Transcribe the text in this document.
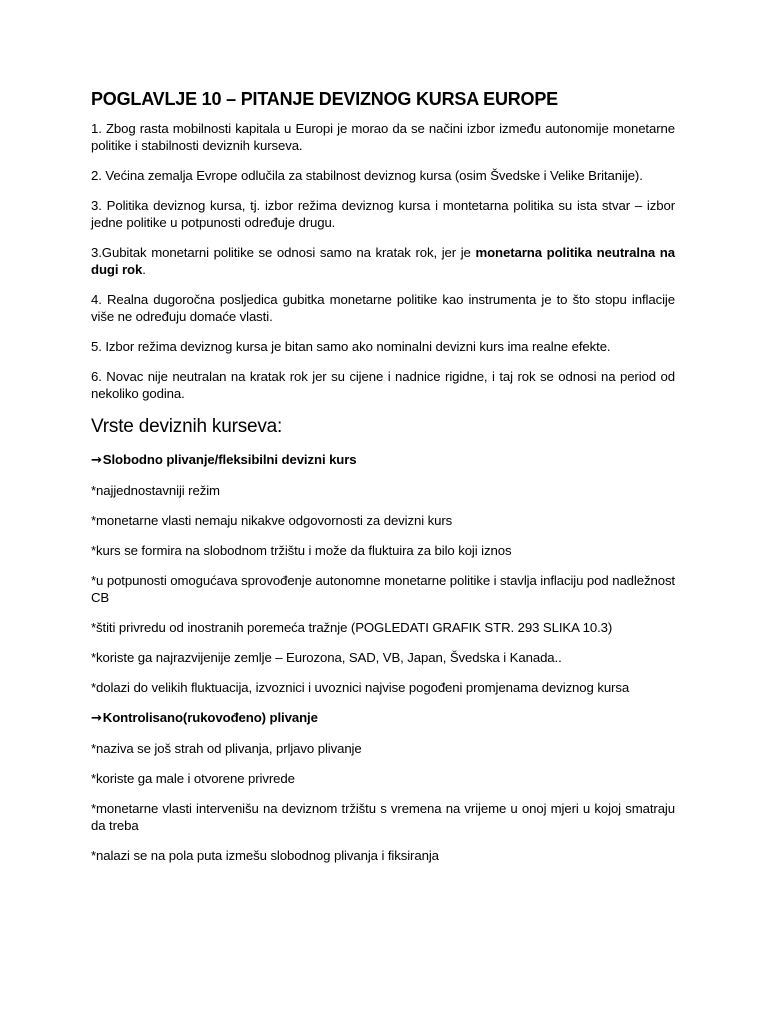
POGLAVLJE 10 – PITANJE DEVIZNOG KURSA EUROPE

1. Zbog rasta mobilnosti kapitala u Europi je morao da se načini izbor između autonomije monetarne politike i stabilnosti deviznih kurseva.

2. Većina zemalja Evrope odlučila za stabilnost deviznog kursa (osim Švedske i Velike Britanije).

3. Politika deviznog kursa, tj. izbor režima deviznog kursa i montetarna politika su ista stvar – izbor jedne politike u potpunosti određuje drugu.

3.Gubitak monetarni politike se odnosi samo na kratak rok, jer je monetarna politika neutralna na dugi rok.

4. Realna dugoročna posljedica gubitka monetarne politike kao instrumenta je to što stopu inflacije više ne određuju domaće vlasti.

5. Izbor režima deviznog kursa je bitan samo ako nominalni devizni kurs ima realne efekte.

6. Novac nije neutralan na kratak rok jer su cijene i nadnice rigidne, i taj rok se odnosi na period od nekoliko godina.

Vrste deviznih kurseva:

→Slobodno plivanje/fleksibilni devizni kurs

*najjednostavniji režim

*monetarne vlasti nemaju nikakve odgovornosti za devizni kurs

*kurs se formira na slobodnom tržištu i može da fluktuira za bilo koji iznos

*u potpunosti omogućava sprovođenje autonomne monetarne politike i stavlja inflaciju pod nadležnost CB

*štiti privredu od inostranih poremeća tražnje (POGLEDATI GRAFIK STR. 293 SLIKA 10.3)

*koriste ga najrazvijenije zemlje – Eurozona, SAD, VB, Japan, Švedska i Kanada..

*dolazi do velikih fluktuacija, izvoznici i uvoznici najvise pogođeni promjenama deviznog kursa

→Kontrolisano(rukovođeno) plivanje

*naziva se još strah od plivanja, prljavo plivanje

*koriste ga male i otvorene privrede

*monetarne vlasti intervenišu na deviznom tržištu s vremena na vrijeme u onoj mjeri u kojoj smatraju da treba

*nalazi se na pola puta izmešu slobodnog plivanja i fiksiranja
